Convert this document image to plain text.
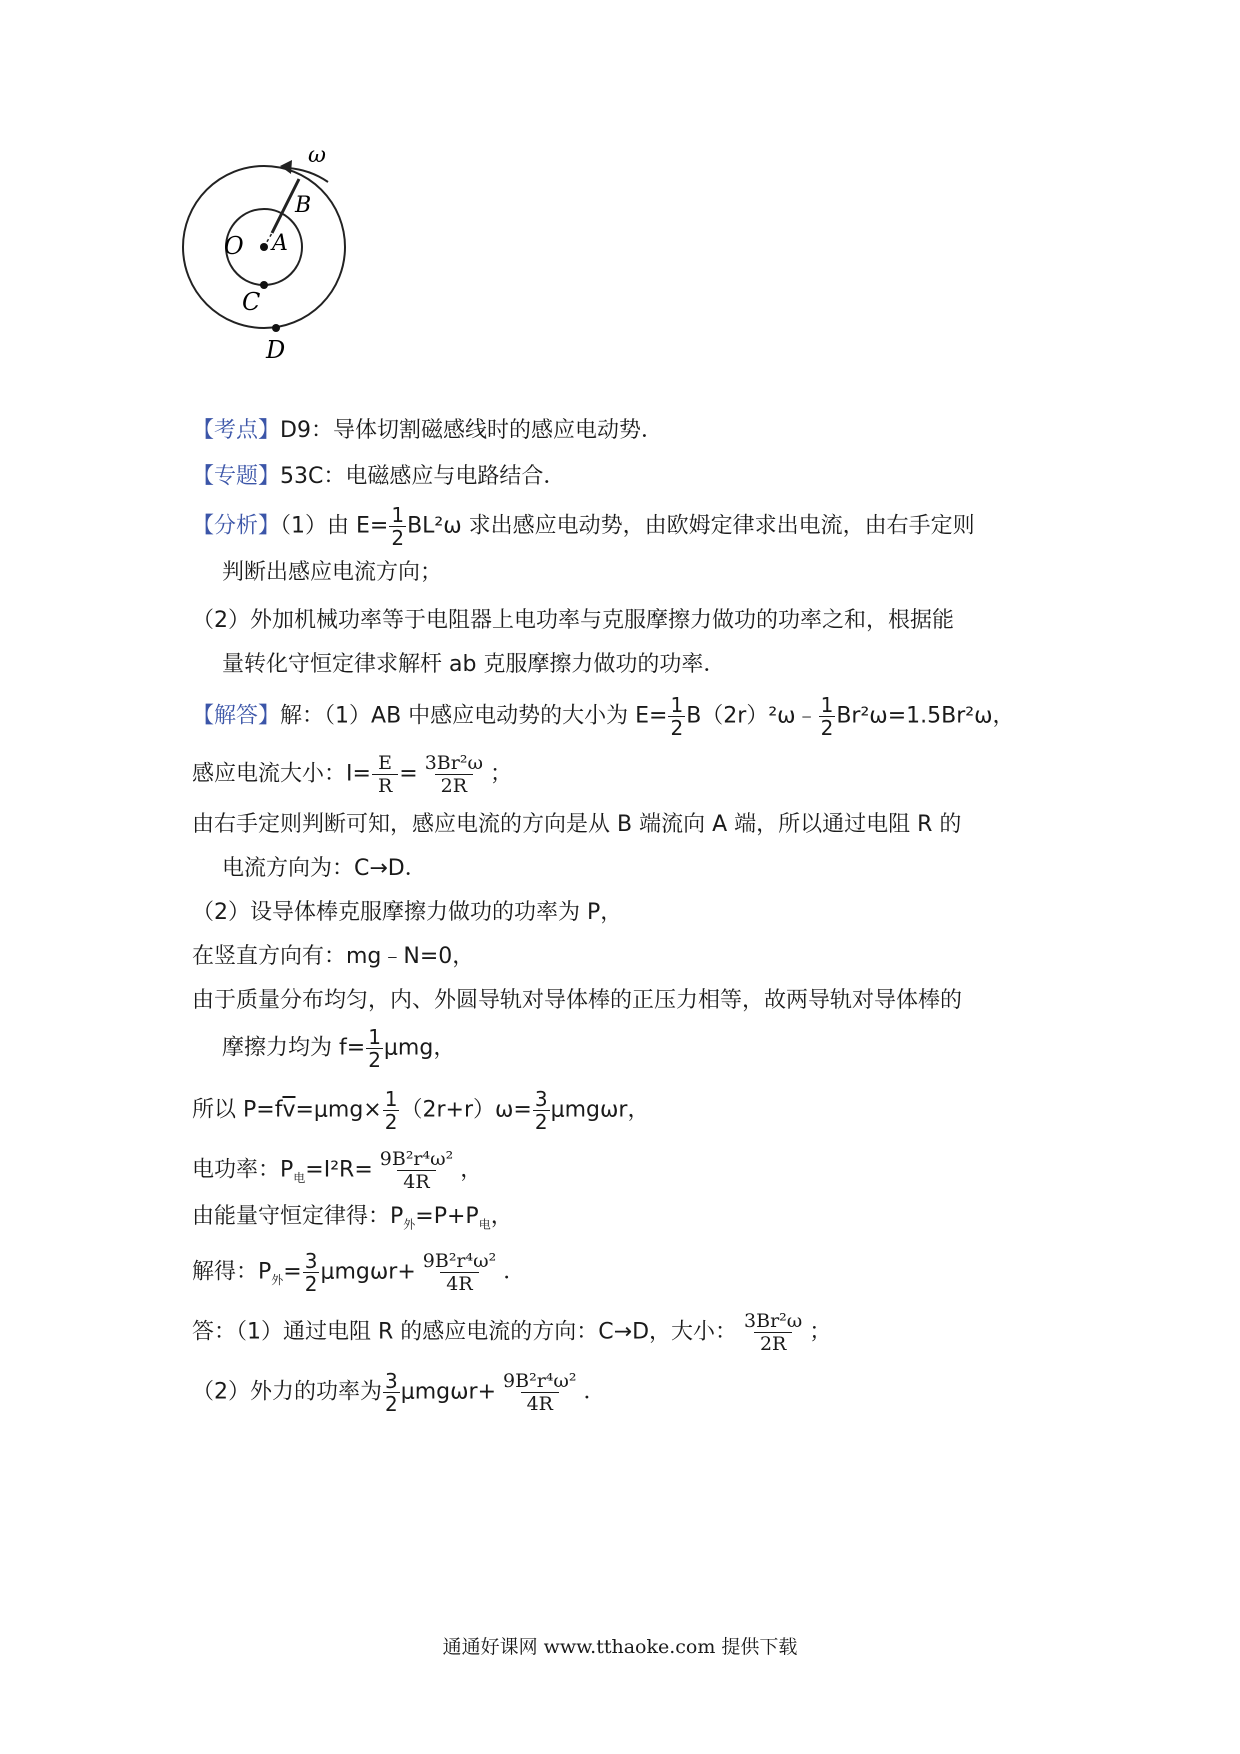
ω
B
O A
C
D
【考点】D9：导体切割磁感线时的感应电动势．
【专题】53C：电磁感应与电路结合．
【分析】（1）由 $E= \frac{1}{2} BL^2\omega$ 求出感应电动势，由欧姆定律求出电流，由右手定则
判断出感应电流方向；
（2）外加机械功率等于电阻器上电功率与克服摩擦力做功的功率之和，根据能
量转化守恒定律求解杆 ab 克服摩擦力做功的功率．
【解答】解：（1）AB 中感应电动势的大小为 $E= \frac{1}{2}$ B（2r）²ω﹣ $\frac{1}{2} Br^2\omega=1.5Br^2\omega$，
感应电流大小：$I= \frac{E}{R} = \frac{\text{3Br²ω}}{2R}$ ；
由右手定则判断可知，感应电流的方向是从 B 端流向 A 端，所以通过电阻 R 的
电流方向为：C→D．
（2）设导体棒克服摩擦力做功的功率为 P，
在竖直方向有：mg﹣N=0，
由于质量分布均匀，内、外圆导轨对导体棒的正压力相等，故两导轨对导体棒的
摩擦力均为 $f= \frac{1}{2}$ μmg，
所以 $P=f\overline{v}=\mu mg\times \frac{1}{2} (2r+r)\omega= \frac{3}{2}$ μmgωr，
电功率：$P_电=I^2R= \frac{\text{9B²r⁴ω²}}{4R}$ ，
由能量守恒定律得：$P_外=P+P_电$，
解得：$P_外= \frac{3}{2} \mu mg\omega r+ \frac{\text{9B²r⁴ω²}}{4R}$ ．
答：（1）通过电阻 R 的感应电流的方向：C→D，大小： $\frac{\text{3Br²ω}}{2R}$ ；
（2）外力的功率为 $\frac{3}{2} \mu mg\omega r+ \frac{\text{9B²r⁴ω²}}{4R}$ ．
通通好课网 www.tthaoke.com 提供下载
